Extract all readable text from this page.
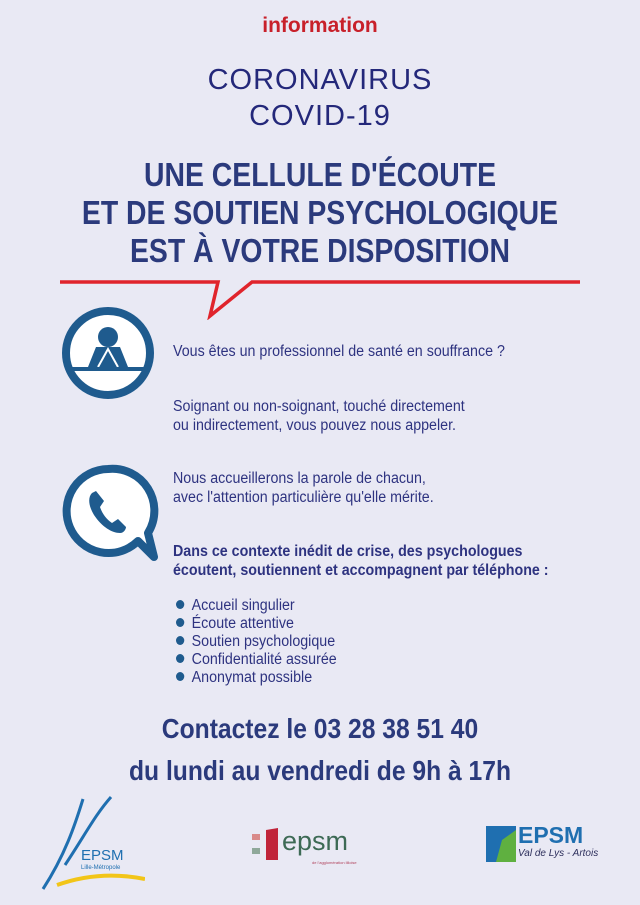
information
CORONAVIRUS
COVID-19
UNE CELLULE D'ÉCOUTE
ET DE SOUTIEN PSYCHOLOGIQUE
EST À VOTRE DISPOSITION
Vous êtes un professionnel de santé en souffrance ?
Soignant ou non-soignant, touché directement
ou indirectement, vous pouvez nous appeler.
Nous accueillerons la parole de chacun,
avec l'attention particulière qu'elle mérite.
Dans ce contexte inédit de crise, des psychologues
écoutent, soutiennent et accompagnent par téléphone :
Accueil singulier
Écoute attentive
Soutien psychologique
Confidentialité assurée
Anonymat possible
Contactez le 03 28 38 51 40
du lundi au vendredi de 9h à 17h
EPSM
Lille-Métropole
epsm
de l'agglomération lilloise
EPSM
Val de Lys - Artois
